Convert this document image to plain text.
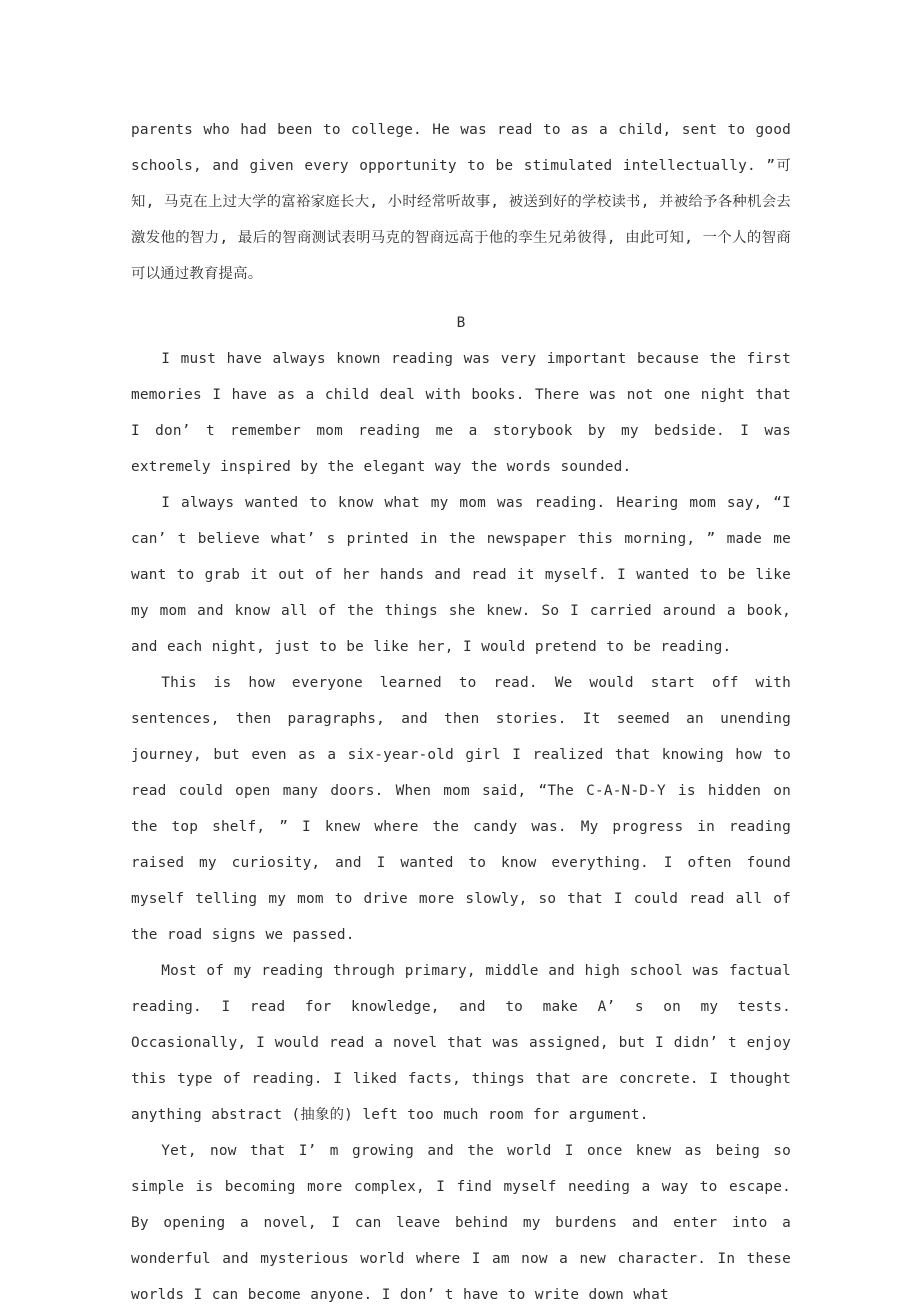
parents who had been to college. He was read to as a child, sent to good schools, and given every opportunity to be stimulated intellectually. ”可知, 马克在上过大学的富裕家庭长大, 小时经常听故事, 被送到好的学校读书, 并被给予各种机会去激发他的智力, 最后的智商测试表明马克的智商远高于他的孪生兄弟彼得, 由此可知, 一个人的智商可以通过教育提高。

B

I must have always known reading was very important because the first memories I have as a child deal with books. There was not one night that I don’ t remember mom reading me a storybook by my bedside. I was extremely inspired by the elegant way the words sounded.

I always wanted to know what my mom was reading. Hearing mom say, “I can’ t believe what’ s printed in the newspaper this morning, ” made me want to grab it out of her hands and read it myself. I wanted to be like my mom and know all of the things she knew. So I carried around a book, and each night, just to be like her, I would pretend to be reading.

This is how everyone learned to read. We would start off with sentences, then paragraphs, and then stories. It seemed an unending journey, but even as a six-year-old girl I realized that knowing how to read could open many doors. When mom said, “The C-A-N-D-Y is hidden on the top shelf, ” I knew where the candy was. My progress in reading raised my curiosity, and I wanted to know everything. I often found myself telling my mom to drive more slowly, so that I could read all of the road signs we passed.

Most of my reading through primary, middle and high school was factual reading. I read for knowledge, and to make A’ s on my tests. Occasionally, I would read a novel that was assigned, but I didn’ t enjoy this type of reading. I liked facts, things that are concrete. I thought anything abstract (抽象的) left too much room for argument.

Yet, now that I’ m growing and the world I once knew as being so simple is becoming more complex, I find myself needing a way to escape. By opening a novel, I can leave behind my burdens and enter into a wonderful and mysterious world where I am now a new character. In these worlds I can become anyone. I don’ t have to write down what
